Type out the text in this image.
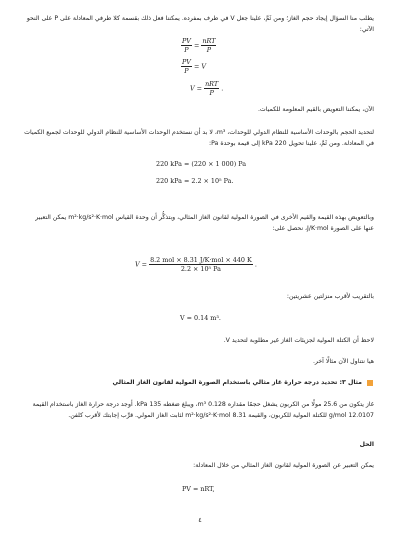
يطلب منا السؤال إيجاد حجم الغاز؛ ومن ثَمَّ، علينا جعل V في طرف بمفرده. يمكننا فعل ذلك بقسمة كلا طرفي المعادلة على P على النحو الآتي:

$\frac{PV}{P} = \frac{\text{nRT}}{P}$
$\frac{PV}{P} = V$
$V = \frac{\text{nRT}}{P}$ .

الآن، يمكننا التعويض بالقيم المعلومة للكميات.

لتحديد الحجم بالوحدات الأساسية للنظام الدولي للوحدات، m³، لا بد أن نستخدم الوحدات الأساسية للنظام الدولي للوحدات لجميع الكميات في المعادلة. ومن ثَمَّ، علينا تحويل 220 kPa إلى قيمة بوحدة Pa:

220 kPa = (220 × 1 000) Pa
220 kPa = 2.2 × 10⁵ Pa.

وبالتعويض بهذه القيمة والقيم الأخرى في الصورة المولية لقانون الغاز المثالي، وبتذكُّر أن وحدة القياس m²·kg/s²·K·mol يمكن التعبير عنها على الصورة J/K·mol، نحصل على:

$V = \frac{\text{8.2 mol × 8.31 J/K·mol × 440 K}}{\text{2.2 × 10⁵ Pa}}$ .

بالتقريب لأقرب منزلتين عشريتين:

V = 0.14 m³.

لاحظ أن الكتلة المولية لجزيئات الغاز غير مطلوبة لتحديد V.

هيا نتناول الآن مثالًا آخر.

مثال ٣: تحديد درجة حرارة غاز مثالي باستخدام الصورة المولية لقانون الغاز المثالي

غاز يتكون من 25.6 مولًا من الكربون يشغل حجمًا مقداره 0.128 m³، ويبلغ ضغطه 135 kPa. أوجد درجة حرارة الغاز باستخدام القيمة 12.0107 g/mol للكتلة المولية للكربون، والقيمة 8.31 m²·kg/s²·K·mol لثابت الغاز المولي. قرِّب إجابتك لأقرب كلفن.

الحل

يمكن التعبير عن الصورة المولية لقانون الغاز المثالي من خلال المعادلة:

PV = nRT,
٤
